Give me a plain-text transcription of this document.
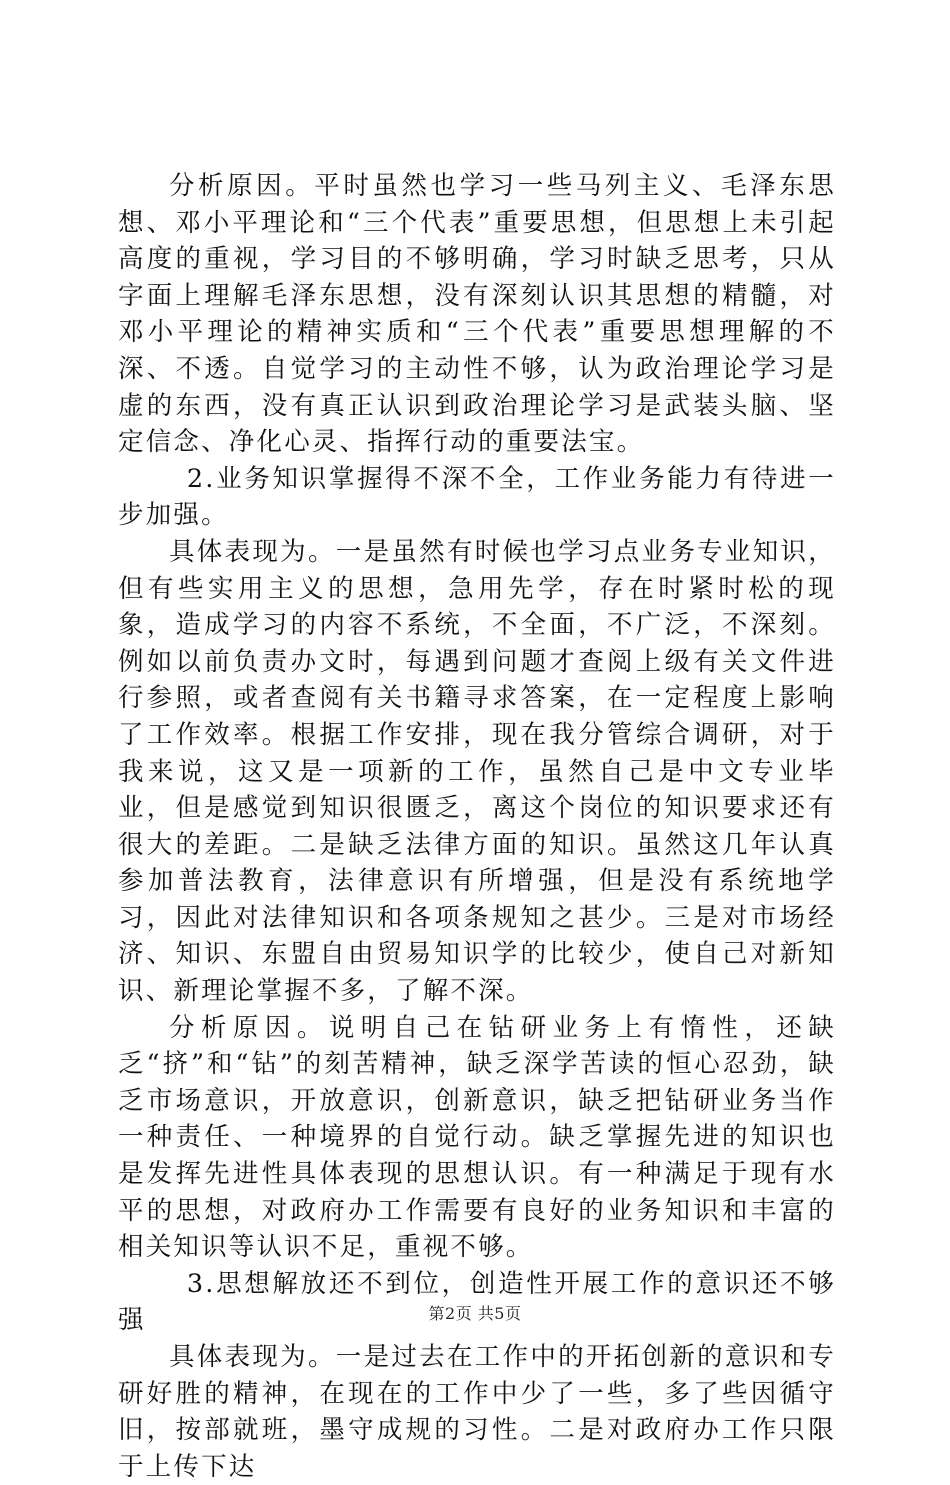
分析原因。平时虽然也学习一些马列主义、毛泽东思想、邓小平理论和“三个代表”重要思想，但思想上未引起高度的重视，学习目的不够明确，学习时缺乏思考，只从字面上理解毛泽东思想，没有深刻认识其思想的精髓，对邓小平理论的精神实质和“三个代表”重要思想理解的不深、不透。自觉学习的主动性不够，认为政治理论学习是虚的东西，没有真正认识到政治理论学习是武装头脑、坚定信念、净化心灵、指挥行动的重要法宝。

2.业务知识掌握得不深不全，工作业务能力有待进一步加强。

具体表现为。一是虽然有时候也学习点业务专业知识，但有些实用主义的思想，急用先学，存在时紧时松的现象，造成学习的内容不系统，不全面，不广泛，不深刻。例如以前负责办文时，每遇到问题才查阅上级有关文件进行参照，或者查阅有关书籍寻求答案，在一定程度上影响了工作效率。根据工作安排，现在我分管综合调研，对于我来说，这又是一项新的工作，虽然自己是中文专业毕业，但是感觉到知识很匮乏，离这个岗位的知识要求还有很大的差距。二是缺乏法律方面的知识。虽然这几年认真参加普法教育，法律意识有所增强，但是没有系统地学习，因此对法律知识和各项条规知之甚少。三是对市场经济、知识、东盟自由贸易知识学的比较少，使自己对新知识、新理论掌握不多，了解不深。

分析原因。说明自己在钻研业务上有惰性，还缺乏“挤”和“钻”的刻苦精神，缺乏深学苦读的恒心忍劲，缺乏市场意识，开放意识，创新意识，缺乏把钻研业务当作一种责任、一种境界的自觉行动。缺乏掌握先进的知识也是发挥先进性具体表现的思想认识。有一种满足于现有水平的思想，对政府办工作需要有良好的业务知识和丰富的相关知识等认识不足，重视不够。

3.思想解放还不到位，创造性开展工作的意识还不够强

具体表现为。一是过去在工作中的开拓创新的意识和专研好胜的精神，在现在的工作中少了一些，多了些因循守旧，按部就班，墨守成规的习性。二是对政府办工作只限于上传下达

第2页 共5页
